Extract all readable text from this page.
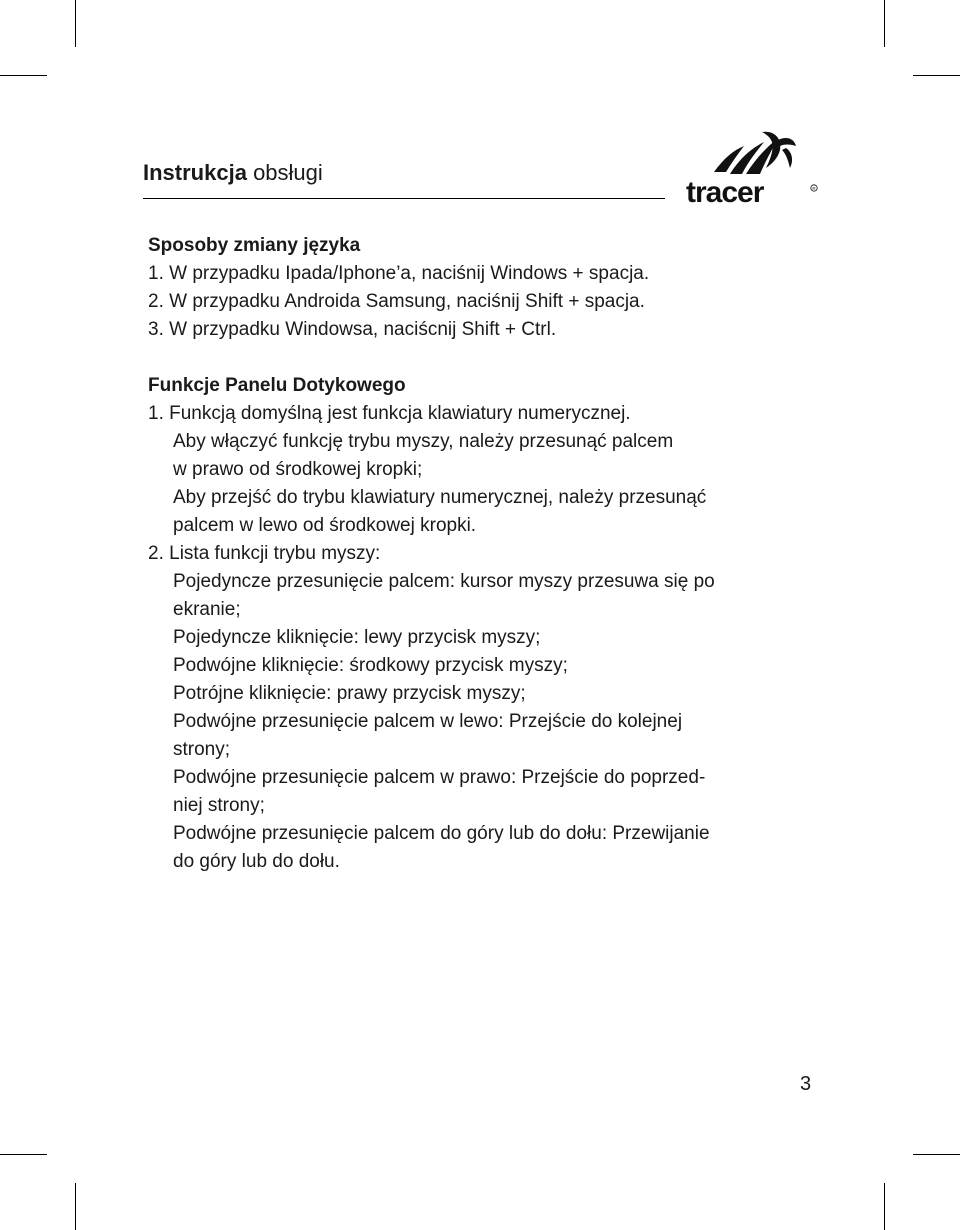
Instrukcja obsługi
tracer	R
Sposoby zmiany języka
1. W przypadku Ipada/Iphone’a, naciśnij Windows + spacja.
2. W przypadku Androida Samsung, naciśnij Shift + spacja.
3. W przypadku Windowsa, naciścnij Shift + Ctrl.
Funkcje Panelu Dotykowego
1. Funkcją domyślną jest funkcja klawiatury numerycznej.
Aby włączyć funkcję trybu myszy, należy przesunąć palcem
w prawo od środkowej kropki;
Aby przejść do trybu klawiatury numerycznej, należy przesunąć
palcem w lewo od środkowej kropki.
2. Lista funkcji trybu myszy:
Pojedyncze przesunięcie palcem: kursor myszy przesuwa się po
ekranie;
Pojedyncze kliknięcie: lewy przycisk myszy;
Podwójne kliknięcie: środkowy przycisk myszy;
Potrójne kliknięcie: prawy przycisk myszy;
Podwójne przesunięcie palcem w lewo: Przejście do kolejnej
strony;
Podwójne przesunięcie palcem w prawo: Przejście do poprzed-
niej strony;
Podwójne przesunięcie palcem do góry lub do dołu: Przewijanie
do góry lub do dołu.
3
